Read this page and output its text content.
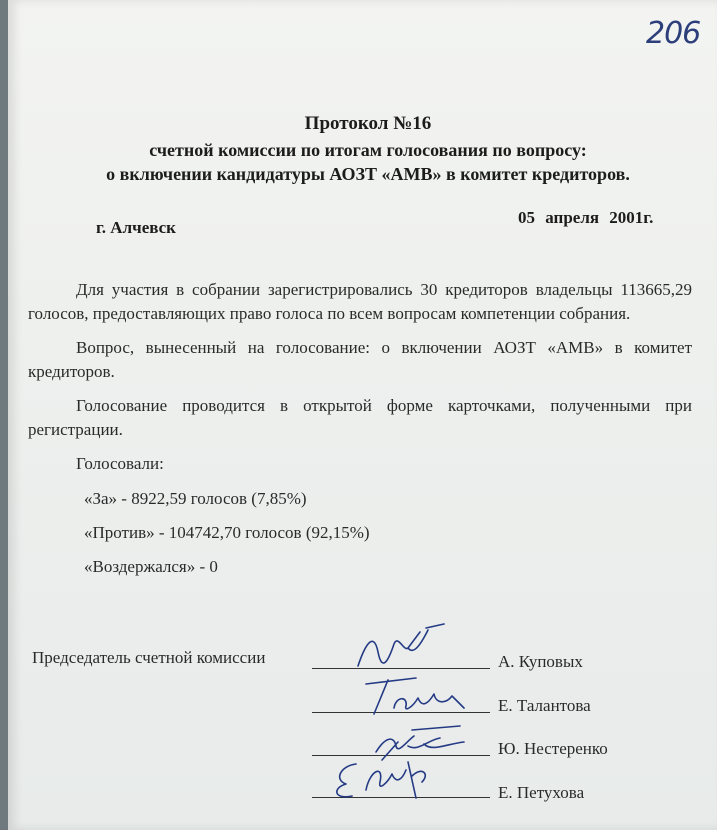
206

Протокол №16

счетной комиссии по итогам голосования по вопросу:

о включении кандидатуры АОЗТ «АМВ» в комитет кредиторов.

г. Алчевск
05 апреля 2001г.

Для участия в собрании зарегистрировались 30 кредиторов владельцы 113665,29 голосов, предоставляющих право голоса по всем вопросам компетенции собрания.

Вопрос, вынесенный на голосование: о включении АОЗТ «АМВ» в комитет кредиторов.

Голосование проводится в открытой форме карточками, полученными при регистрации.

Голосовали:

«За» - 8922,59 голосов (7,85%)

«Против» - 104742,70 голосов (92,15%)

«Воздержался» - 0

Председатель счетной комиссии	А. Куповых
Е. Талантова
Ю. Нестеренко
Е. Петухова
